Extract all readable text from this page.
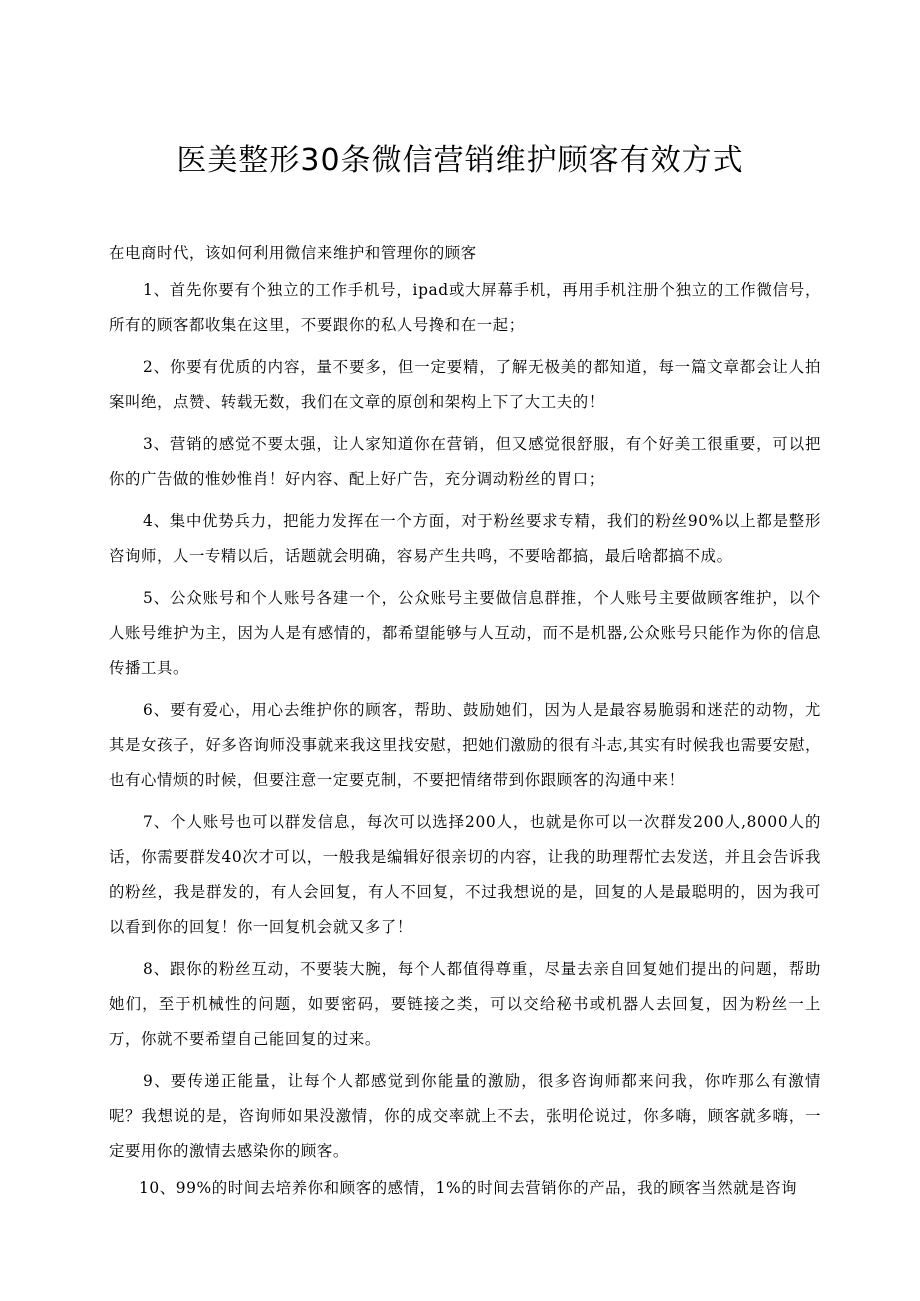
医美整形30条微信营销维护顾客有效方式

在电商时代，该如何利用微信来维护和管理你的顾客

1、首先你要有个独立的工作手机号，ipad或大屏幕手机，再用手机注册个独立的工作微信号，所有的顾客都收集在这里，不要跟你的私人号搀和在一起；

2、你要有优质的内容，量不要多，但一定要精，了解无极美的都知道，每一篇文章都会让人拍案叫绝，点赞、转载无数，我们在文章的原创和架构上下了大工夫的！

3、营销的感觉不要太强，让人家知道你在营销，但又感觉很舒服，有个好美工很重要，可以把你的广告做的惟妙惟肖！好内容、配上好广告，充分调动粉丝的胃口；

4、集中优势兵力，把能力发挥在一个方面，对于粉丝要求专精，我们的粉丝90%以上都是整形咨询师，人一专精以后，话题就会明确，容易产生共鸣，不要啥都搞，最后啥都搞不成。

5、公众账号和个人账号各建一个，公众账号主要做信息群推，个人账号主要做顾客维护，以个人账号维护为主，因为人是有感情的，都希望能够与人互动，而不是机器,公众账号只能作为你的信息传播工具。

6、要有爱心，用心去维护你的顾客，帮助、鼓励她们，因为人是最容易脆弱和迷茫的动物，尤其是女孩子，好多咨询师没事就来我这里找安慰，把她们激励的很有斗志,其实有时候我也需要安慰，也有心情烦的时候，但要注意一定要克制，不要把情绪带到你跟顾客的沟通中来！

7、个人账号也可以群发信息，每次可以选择200人，也就是你可以一次群发200人,8000人的话，你需要群发40次才可以，一般我是编辑好很亲切的内容，让我的助理帮忙去发送，并且会告诉我的粉丝，我是群发的，有人会回复，有人不回复，不过我想说的是，回复的人是最聪明的，因为我可以看到你的回复！你一回复机会就又多了！

8、跟你的粉丝互动，不要装大腕，每个人都值得尊重，尽量去亲自回复她们提出的问题，帮助她们，至于机械性的问题，如要密码，要链接之类，可以交给秘书或机器人去回复，因为粉丝一上万，你就不要希望自己能回复的过来。

9、要传递正能量，让每个人都感觉到你能量的激励，很多咨询师都来问我，你咋那么有激情呢？我想说的是，咨询师如果没激情，你的成交率就上不去，张明伦说过，你多嗨，顾客就多嗨，一定要用你的激情去感染你的顾客。

10、99%的时间去培养你和顾客的感情，1%的时间去营销你的产品，我的顾客当然就是咨询
